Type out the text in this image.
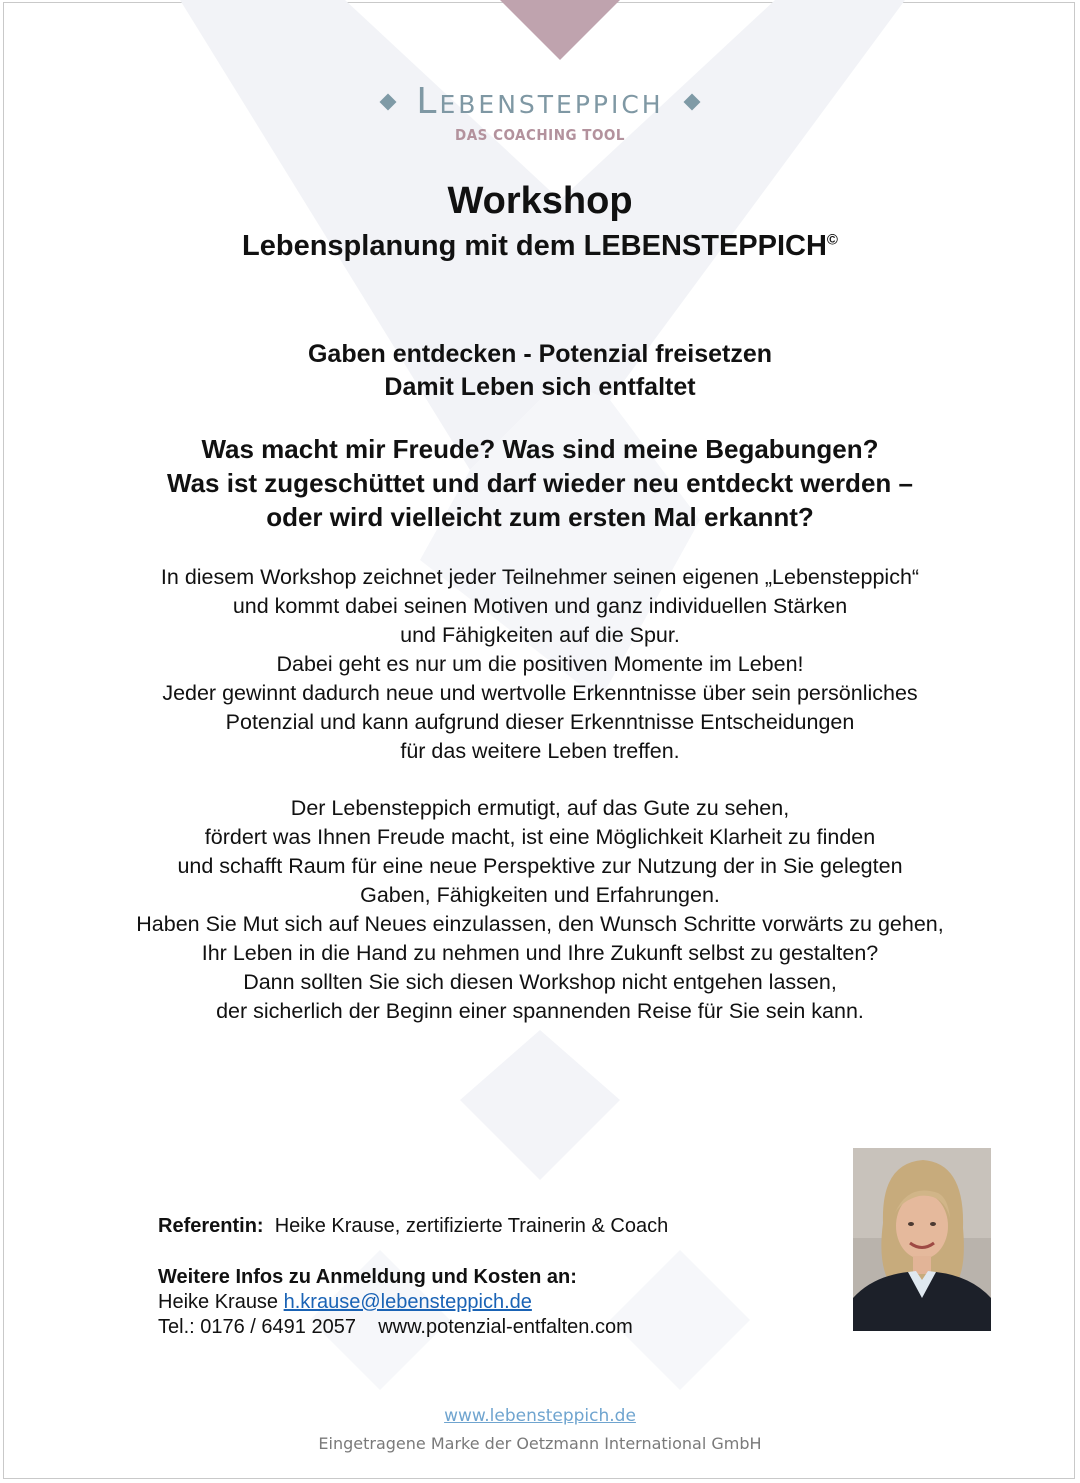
Lebensteppich
DAS COACHING TOOL
Workshop
Lebensplanung mit dem LEBENSTEPPICH©
Gaben entdecken - Potenzial freisetzen
Damit Leben sich entfaltet
Was macht mir Freude? Was sind meine Begabungen?
Was ist zugeschüttet und darf wieder neu entdeckt werden –
oder wird vielleicht zum ersten Mal erkannt?
In diesem Workshop zeichnet jeder Teilnehmer seinen eigenen „Lebensteppich“
und kommt dabei seinen Motiven und ganz individuellen Stärken
und Fähigkeiten auf die Spur.
Dabei geht es nur um die positiven Momente im Leben!
Jeder gewinnt dadurch neue und wertvolle Erkenntnisse über sein persönliches
Potenzial und kann aufgrund dieser Erkenntnisse Entscheidungen
für das weitere Leben treffen.
Der Lebensteppich ermutigt, auf das Gute zu sehen,
fördert was Ihnen Freude macht, ist eine Möglichkeit Klarheit zu finden
und schafft Raum für eine neue Perspektive zur Nutzung der in Sie gelegten
Gaben, Fähigkeiten und Erfahrungen.
Haben Sie Mut sich auf Neues einzulassen, den Wunsch Schritte vorwärts zu gehen,
Ihr Leben in die Hand zu nehmen und Ihre Zukunft selbst zu gestalten?
Dann sollten Sie sich diesen Workshop nicht entgehen lassen,
der sicherlich der Beginn einer spannenden Reise für Sie sein kann.
Referentin: Heike Krause, zertifizierte Trainerin & Coach
Weitere Infos zu Anmeldung und Kosten an:
Heike Krause h.krause@lebensteppich.de
Tel.: 0176 / 6491 2057 www.potenzial-entfalten.com
www.lebensteppich.de
Eingetragene Marke der Oetzmann International GmbH
